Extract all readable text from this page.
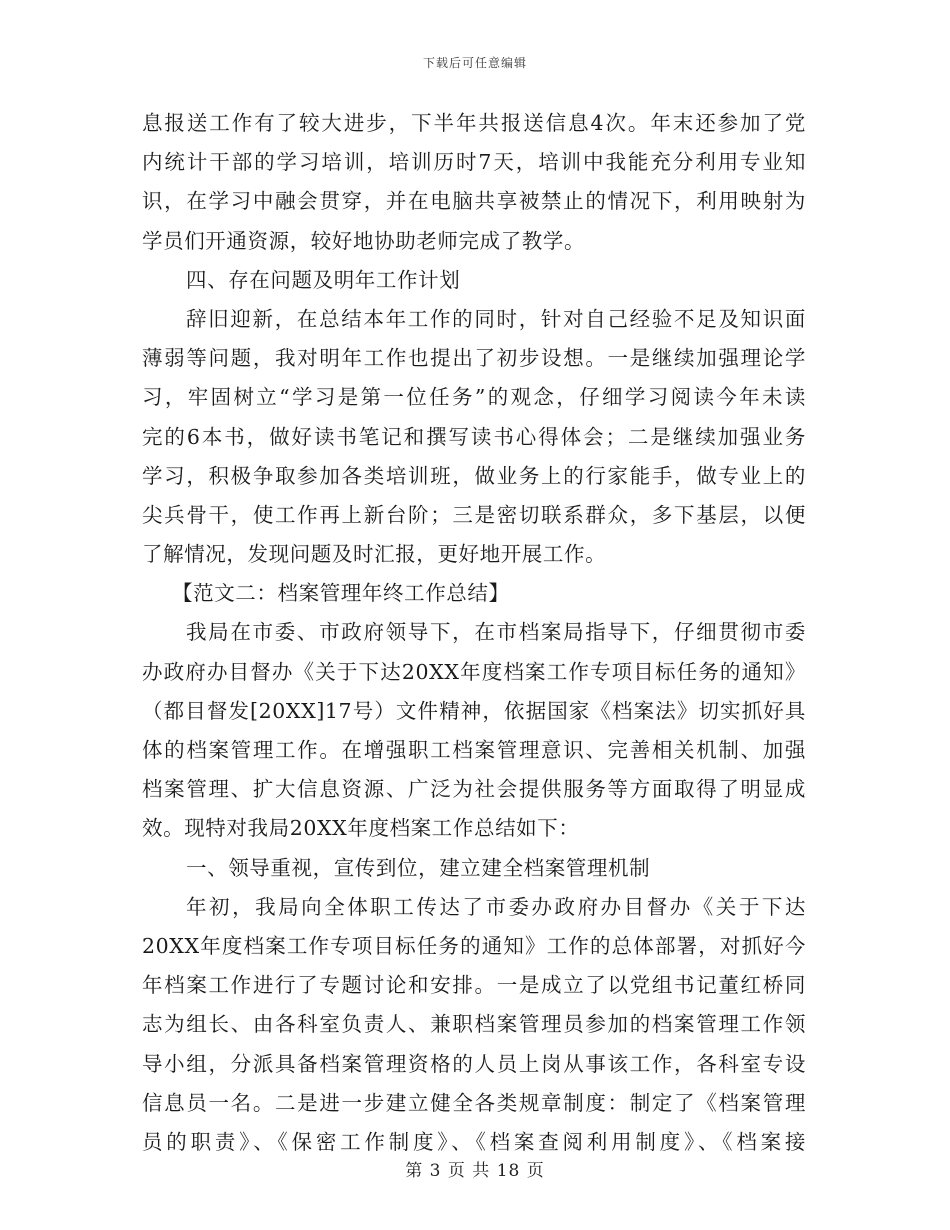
下载后可任意编辑
息报送工作有了较大进步，下半年共报送信息4次。年末还参加了党
内统计干部的学习培训，培训历时7天，培训中我能充分利用专业知
识，在学习中融会贯穿，并在电脑共享被禁止的情况下，利用映射为
学员们开通资源，较好地协助老师完成了教学。
四、存在问题及明年工作计划
辞旧迎新，在总结本年工作的同时，针对自己经验不足及知识面
薄弱等问题，我对明年工作也提出了初步设想。一是继续加强理论学
习，牢固树立“学习是第一位任务”的观念，仔细学习阅读今年未读
完的6本书，做好读书笔记和撰写读书心得体会；二是继续加强业务
学习，积极争取参加各类培训班，做业务上的行家能手，做专业上的
尖兵骨干，使工作再上新台阶；三是密切联系群众，多下基层，以便
了解情况，发现问题及时汇报，更好地开展工作。
【范文二：档案管理年终工作总结】
我局在市委、市政府领导下，在市档案局指导下，仔细贯彻市委
办政府办目督办《关于下达20XX年度档案工作专项目标任务的通知》
（都目督发[20XX]17号）文件精神，依据国家《档案法》切实抓好具
体的档案管理工作。在增强职工档案管理意识、完善相关机制、加强
档案管理、扩大信息资源、广泛为社会提供服务等方面取得了明显成
效。现特对我局20XX年度档案工作总结如下：
一、领导重视，宣传到位，建立建全档案管理机制
年初，我局向全体职工传达了市委办政府办目督办《关于下达
20XX年度档案工作专项目标任务的通知》工作的总体部署，对抓好今
年档案工作进行了专题讨论和安排。一是成立了以党组书记董红桥同
志为组长、由各科室负责人、兼职档案管理员参加的档案管理工作领
导小组，分派具备档案管理资格的人员上岗从事该工作，各科室专设
信息员一名。二是进一步建立健全各类规章制度：制定了《档案管理
员的职责》、《保密工作制度》、《档案查阅利用制度》、《档案接
第 3 页 共 18 页
